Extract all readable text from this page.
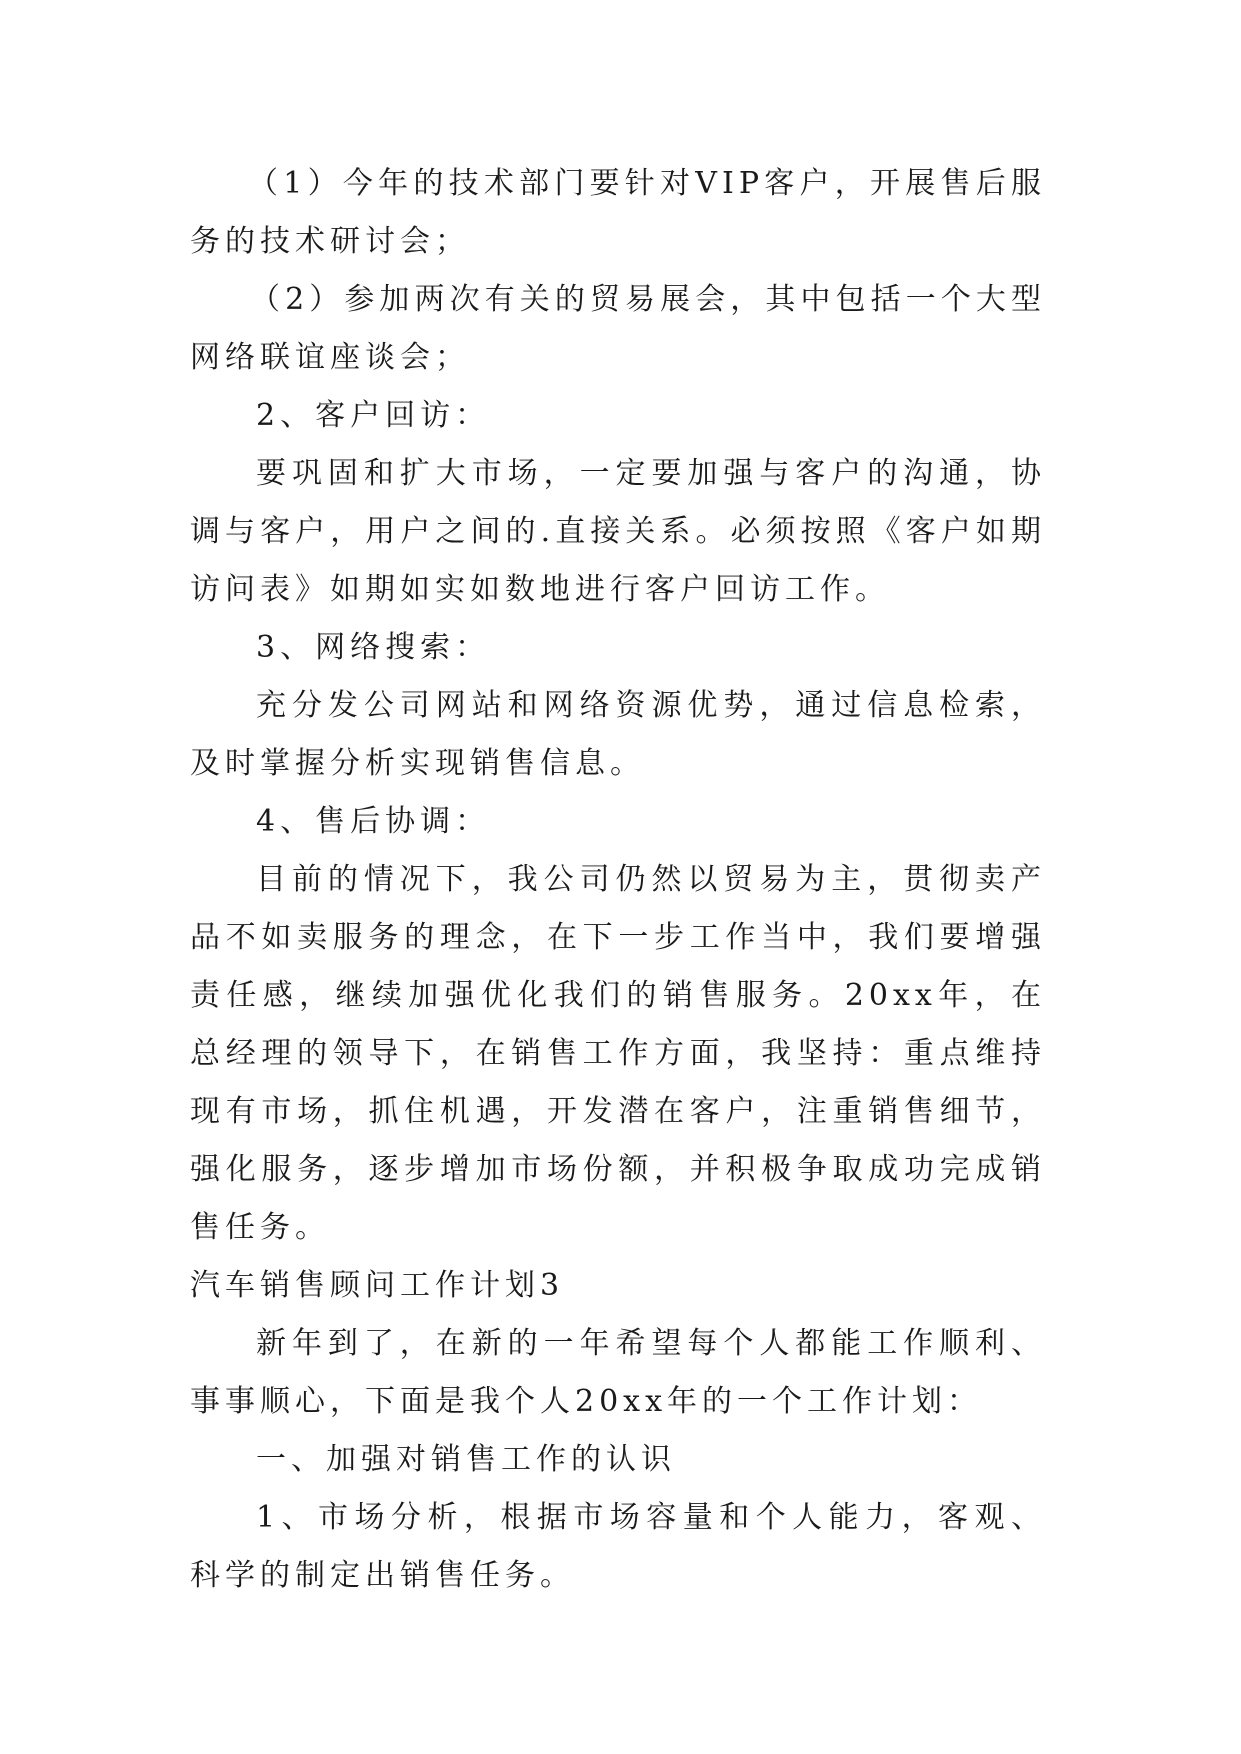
（1）今年的技术部门要针对VIP客户，开展售后服务的技术研讨会；

（2）参加两次有关的贸易展会，其中包括一个大型网络联谊座谈会；

2、客户回访：

要巩固和扩大市场，一定要加强与客户的沟通，协调与客户，用户之间的.直接关系。必须按照《客户如期访问表》如期如实如数地进行客户回访工作。

3、网络搜索：

充分发公司网站和网络资源优势，通过信息检索，及时掌握分析实现销售信息。

4、售后协调：

目前的情况下，我公司仍然以贸易为主，贯彻卖产品不如卖服务的理念，在下一步工作当中，我们要增强责任感，继续加强优化我们的销售服务。20xx年，在总经理的领导下，在销售工作方面，我坚持：重点维持现有市场，抓住机遇，开发潜在客户，注重销售细节，强化服务，逐步增加市场份额，并积极争取成功完成销售任务。

汽车销售顾问工作计划3

新年到了，在新的一年希望每个人都能工作顺利、事事顺心，下面是我个人20xx年的一个工作计划：

一、加强对销售工作的认识

1、市场分析，根据市场容量和个人能力，客观、科学的制定出销售任务。
